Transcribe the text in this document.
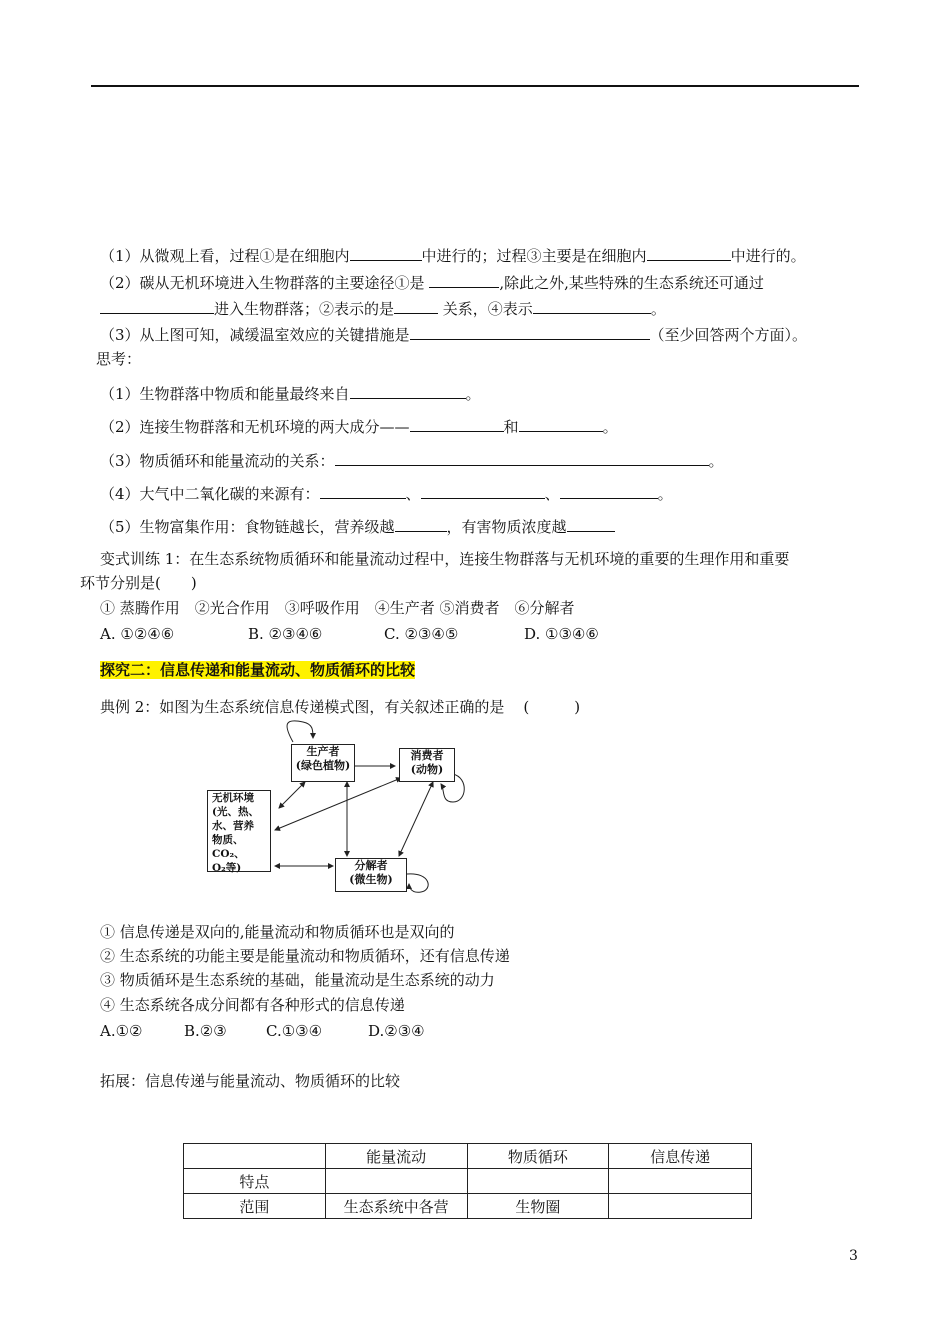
（1）从微观上看，过程①是在细胞内	中进行的；过程③主要是在细胞内	中进行的。
（2）碳从无机环境进入生物群落的主要途径①是	,除此之外,某些特殊的生态系统还可通过
进入生物群落；②表示的是	关系，④表示	。
（3）从上图可知，减缓温室效应的关键措施是	（至少回答两个方面）。
思考：
（1）生物群落中物质和能量最终来自	。
（2）连接生物群落和无机环境的两大成分——	和	。
（3）物质循环和能量流动的关系：	。
（4）大气中二氧化碳的来源有：	、	、	。
（5）生物富集作用：食物链越长，营养级越	，有害物质浓度越
变式训练 1：在生态系统物质循环和能量流动过程中，连接生物群落与无机环境的重要的生理作用和重要
环节分别是(　　)
① 蒸腾作用　②光合作用　③呼吸作用　④生产者 ⑤消费者　⑥分解者
A. ①②④⑥	B. ②③④⑥	C. ②③④⑤	D. ①③④⑥
探究二：信息传递和能量流动、物质循环的比较
典例 2：如图为生态系统信息传递模式图，有关叙述正确的是 (　　　)
生产者
(绿色植物)
消费者
(动物)
无机环境
(光、热、
水、营养
物质、CO₂、
O₂等)	分解者
(微生物)
① 信息传递是双向的,能量流动和物质循环也是双向的
② 生态系统的功能主要是能量流动和物质循环，还有信息传递
③ 物质循环是生态系统的基础，能量流动是生态系统的动力
④ 生态系统各成分间都有各种形式的信息传递
A.①②	B.②③	C.①③④	D.②③④
拓展：信息传递与能量流动、物质循环的比较
	能量流动	物质循环	信息传递
特点			
范围	生态系统中各营	生物圈	
3
